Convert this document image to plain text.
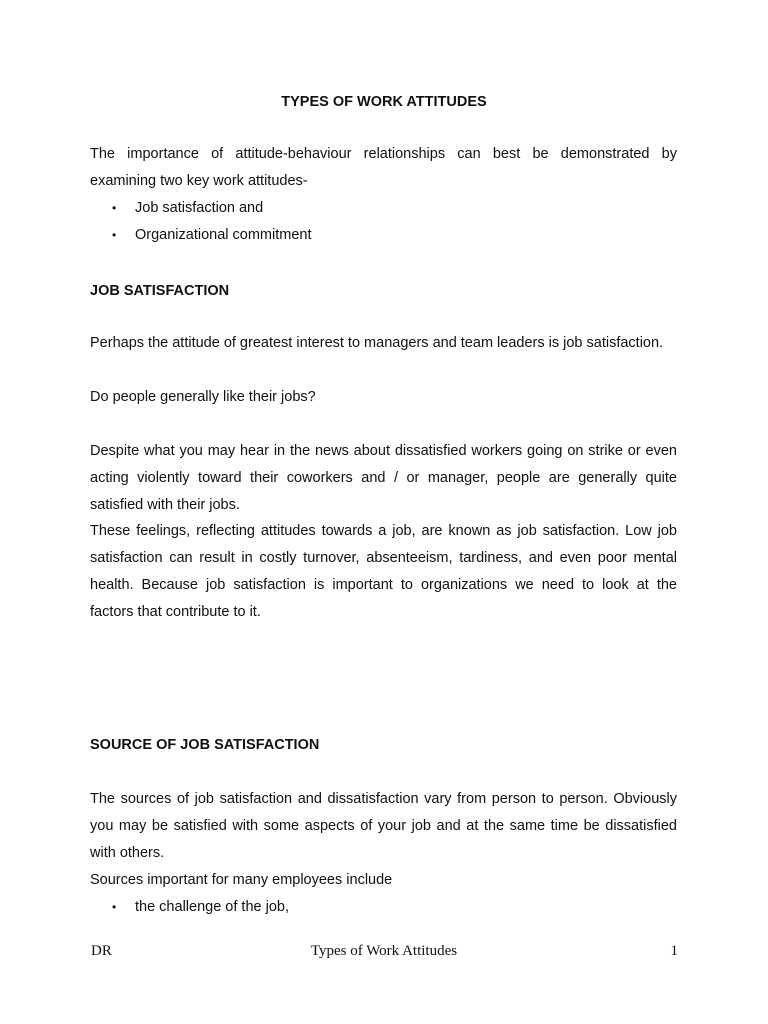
TYPES OF WORK ATTITUDES
The importance of attitude-behaviour relationships can best be demonstrated by
examining two key work attitudes-
• Job satisfaction and
• Organizational commitment
JOB SATISFACTION
Perhaps the attitude of greatest interest to managers and team leaders is job satisfaction.
Do people generally like their jobs?
Despite what you may hear in the news about dissatisfied workers going on strike or even
acting violently toward their coworkers and / or manager, people are generally quite
satisfied with their jobs.
These feelings, reflecting attitudes towards a job, are known as job satisfaction. Low job
satisfaction can result in costly turnover, absenteeism, tardiness, and even poor mental
health. Because job satisfaction is important to organizations we need to look at the
factors that contribute to it.
SOURCE OF JOB SATISFACTION
The sources of job satisfaction and dissatisfaction vary from person to person. Obviously
you may be satisfied with some aspects of your job and at the same time be dissatisfied
with others.
Sources important for many employees include
• the challenge of the job,
DR	Types of Work Attitudes	1
